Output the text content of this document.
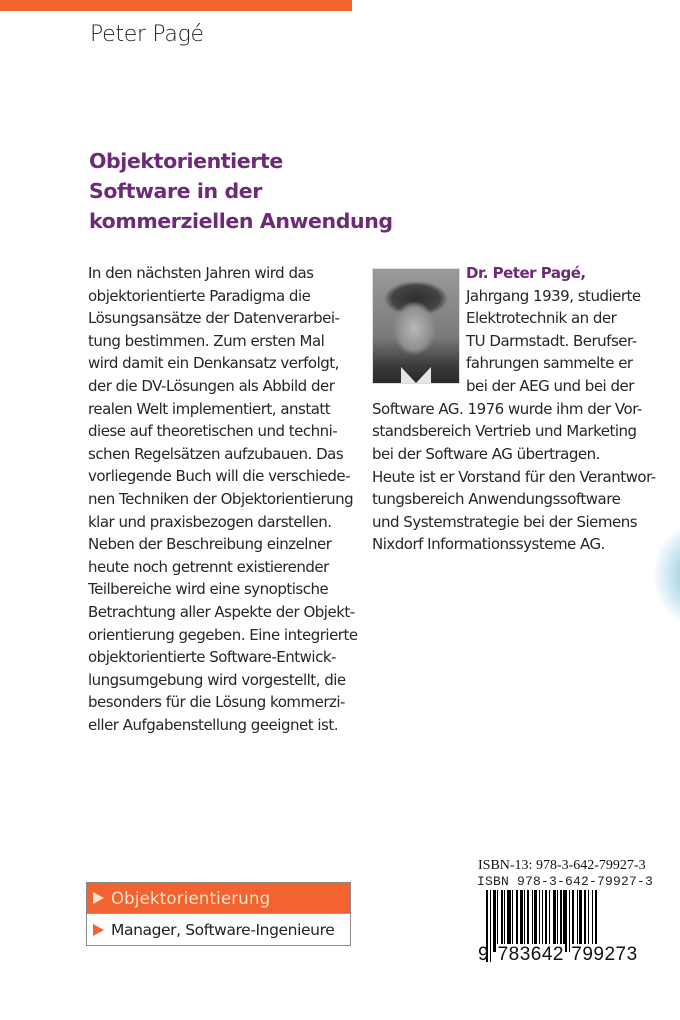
Peter Pagé
Objektorientierte
Software in der
kommerziellen Anwendung
In den nächsten Jahren wird das
objektorientierte Paradigma die
Lösungsansätze der Datenverarbei-
tung bestimmen. Zum ersten Mal
wird damit ein Denkansatz verfolgt,
der die DV-Lösungen als Abbild der
realen Welt implementiert, anstatt
diese auf theoretischen und techni-
schen Regelsätzen aufzubauen. Das
vorliegende Buch will die verschiede-
nen Techniken der Objektorientierung
klar und praxisbezogen darstellen.
Neben der Beschreibung einzelner
heute noch getrennt existierender
Teilbereiche wird eine synoptische
Betrachtung aller Aspekte der Objekt-
orientierung gegeben. Eine integrierte
objektorientierte Software-Entwick-
lungsumgebung wird vorgestellt, die
besonders für die Lösung kommerzi-
eller Aufgabenstellung geeignet ist.
Dr. Peter Pagé,
Jahrgang 1939, studierte
Elektrotechnik an der
TU Darmstadt. Berufser-
fahrungen sammelte er
bei der AEG und bei der
Software AG. 1976 wurde ihm der Vor-
standsbereich Vertrieb und Marketing
bei der Software AG übertragen.
Heute ist er Vorstand für den Verantwor-
tungsbereich Anwendungssoftware
und Systemstrategie bei der Siemens
Nixdorf Informationssysteme AG.
Objektorientierung
Manager, Software-Ingenieure
ISBN-13: 978-3-642-79927-3
ISBN 978-3-642-79927-3
9 783642 799273
